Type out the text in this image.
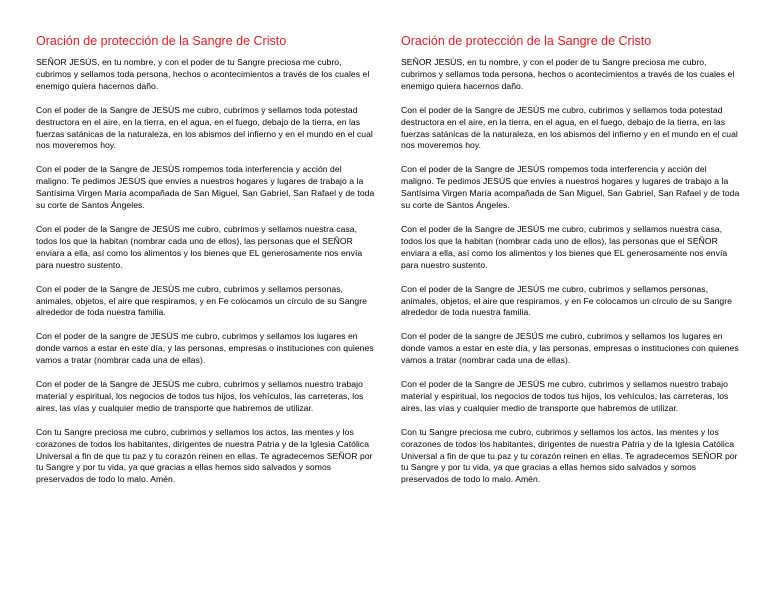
Oración de protección de la Sangre de Cristo

SEÑOR JESÚS, en tu nombre, y con el poder de tu Sangre preciosa me cubro, cubrimos y sellamos toda persona, hechos o acontecimientos a través de los cuales el enemigo quiera hacernos daño.

Con el poder de la Sangre de JESÚS me cubro, cubrimos y sellamos toda potestad destructora en el aire, en la tierra, en el agua, en el fuego, debajo de la tierra, en las fuerzas satánicas de la naturaleza, en los abismos del infierno y en el mundo en el cual nos moveremos hoy.

Con el poder de la Sangre de JESÚS rompemos toda interferencia y acción del maligno. Te pedimos JESÚS que envíes a nuestros hogares y lugares de trabajo a la Santísima Virgen María acompañada de San Miguel, San Gabriel, San Rafael y de toda su corte de Santos Ángeles.

Con el poder de la Sangre de JESÚS me cubro, cubrimos y sellamos nuestra casa, todos los que la habitan (nombrar cada uno de ellos), las personas que el SEÑOR enviara a ella, así como los alimentos y los bienes que EL generosamente nos envía para nuestro sustento.

Con el poder de la Sangre de JESÚS me cubro, cubrimos y sellamos personas, animales, objetos, el aire que respiramos, y en Fe colocamos un círculo de su Sangre alrededor de toda nuestra familia.

Con el poder de la sangre de JESÚS me cubro, cubrimos y sellamos los lugares en donde vamos a estar en este día, y las personas, empresas o instituciones con quienes vamos a tratar (nombrar cada una de ellas).

Con el poder de la Sangre de JESÚS me cubro, cubrimos y sellamos nuestro trabajo material y espiritual, los negocios de todos tus hijos, los vehículos, las carreteras, los aires, las vías y cualquier medio de transporte que habremos de utilizar.

Con tu Sangre preciosa me cubro, cubrimos y sellamos los actos, las mentes y los corazones de todos los habitantes, dirigentes de nuestra Patria y de la Iglesia Católica Universal a fin de que tu paz y tu corazón reinen en ellas. Te agradecemos SEÑOR por tu Sangre y por tu vida, ya que gracias a ellas hemos sido salvados y somos preservados de todo lo malo. Amén.

Oración de protección de la Sangre de Cristo

SEÑOR JESÚS, en tu nombre, y con el poder de tu Sangre preciosa me cubro, cubrimos y sellamos toda persona, hechos o acontecimientos a través de los cuales el enemigo quiera hacernos daño.

Con el poder de la Sangre de JESÚS me cubro, cubrimos y sellamos toda potestad destructora en el aire, en la tierra, en el agua, en el fuego, debajo de la tierra, en las fuerzas satánicas de la naturaleza, en los abismos del infierno y en el mundo en el cual nos moveremos hoy.

Con el poder de la Sangre de JESÚS rompemos toda interferencia y acción del maligno. Te pedimos JESÚS que envíes a nuestros hogares y lugares de trabajo a la Santísima Virgen María acompañada de San Miguel, San Gabriel, San Rafael y de toda su corte de Santos Ángeles.

Con el poder de la Sangre de JESÚS me cubro, cubrimos y sellamos nuestra casa, todos los que la habitan (nombrar cada uno de ellos), las personas que el SEÑOR enviara a ella, así como los alimentos y los bienes que EL generosamente nos envía para nuestro sustento.

Con el poder de la Sangre de JESÚS me cubro, cubrimos y sellamos personas, animales, objetos, el aire que respiramos, y en Fe colocamos un círculo de su Sangre alrededor de toda nuestra familia.

Con el poder de la sangre de JESÚS me cubro, cubrimos y sellamos los lugares en donde vamos a estar en este día, y las personas, empresas o instituciones con quienes vamos a tratar (nombrar cada una de ellas).

Con el poder de la Sangre de JESÚS me cubro, cubrimos y sellamos nuestro trabajo material y espiritual, los negocios de todos tus hijos, los vehículos, las carreteras, los aires, las vías y cualquier medio de transporte que habremos de utilizar.

Con tu Sangre preciosa me cubro, cubrimos y sellamos los actos, las mentes y los corazones de todos los habitantes, dirigentes de nuestra Patria y de la Iglesia Católica Universal a fin de que tu paz y tu corazón reinen en ellas. Te agradecemos SEÑOR por tu Sangre y por tu vida, ya que gracias a ellas hemos sido salvados y somos preservados de todo lo malo. Amén.
